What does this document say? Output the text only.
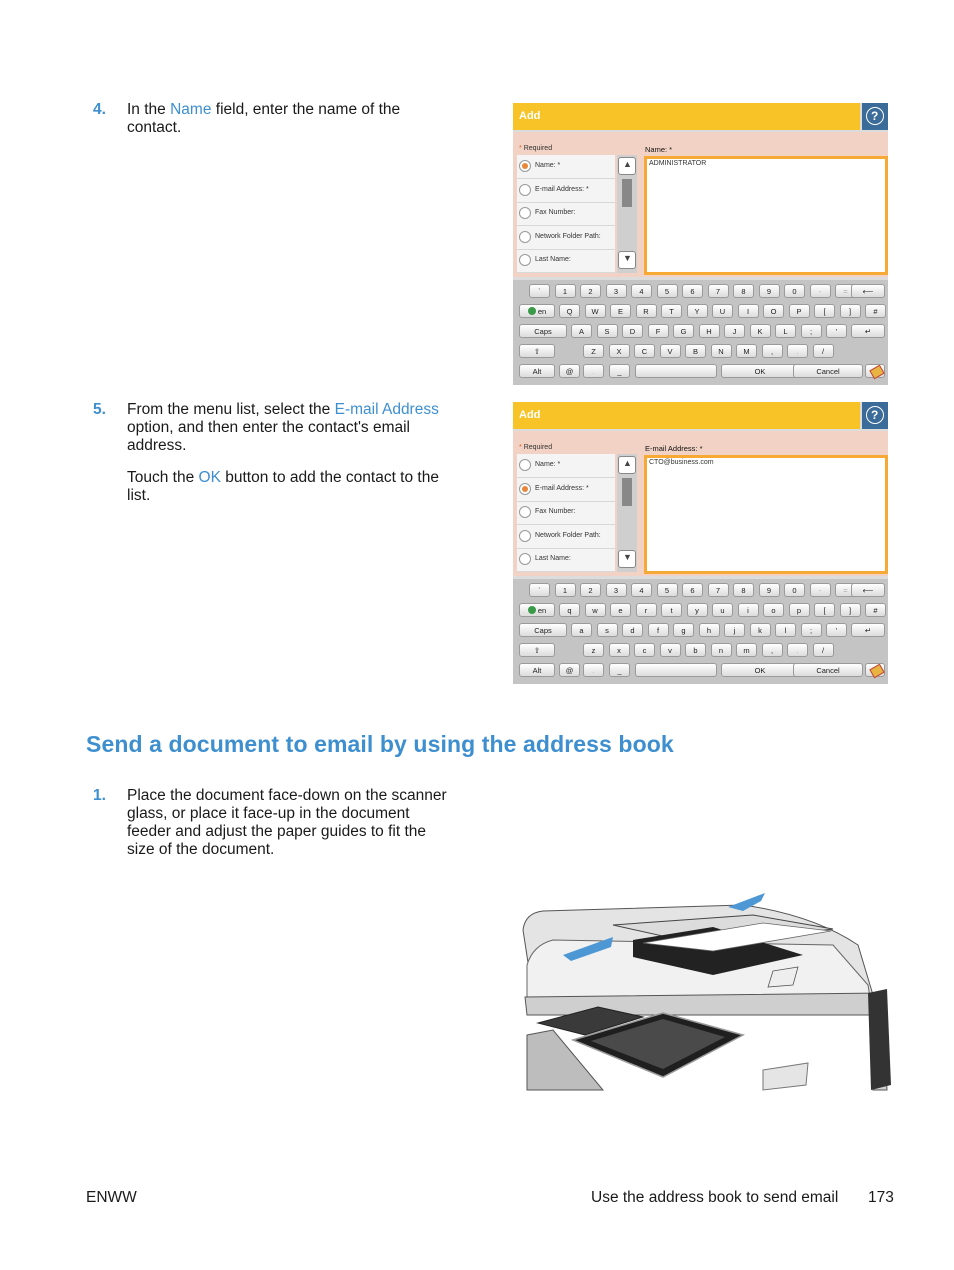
4. In the Name field, enter the name of the contact.

5. From the menu list, select the E-mail Address option, and then enter the contact's email address.

Touch the OK button to add the contact to the list.

Send a document to email by using the address book
1. Place the document face-down on the scanner glass, or place it face-up in the document feeder and adjust the paper guides to fit the size of the document.

Add	?
* Required	Name: *
Name: *
E-mail Address: *
Fax Number:
Network Folder Path:
Last Name:
▲
▼
ADMINISTRATOR
`	1	2	3	4	5	6	7	8	9	0	-	=	⟵
en	Q	W	E	R	T	Y	U	I	O	P	[	]	#
Caps	A	S	D	F	G	H	J	K	L	;	'	↵
⇧	Z	X	C	V	B	N	M	,	.	/
Alt	@	.	_	OK	Cancel
Add	?
* Required	E-mail Address: *
Name: *
E-mail Address: *
Fax Number:
Network Folder Path:
Last Name:
▲
▼
CTO@business.com
`	1	2	3	4	5	6	7	8	9	0	-	=	⟵
en	q	w	e	r	t	y	u	i	o	p	[	]	#
Caps	a	s	d	f	g	h	j	k	l	;	'	↵
⇧	z	x	c	v	b	n	m	,	.	/
Alt	@	.	_	OK	Cancel
ENWW	Use the address book to send email 173
